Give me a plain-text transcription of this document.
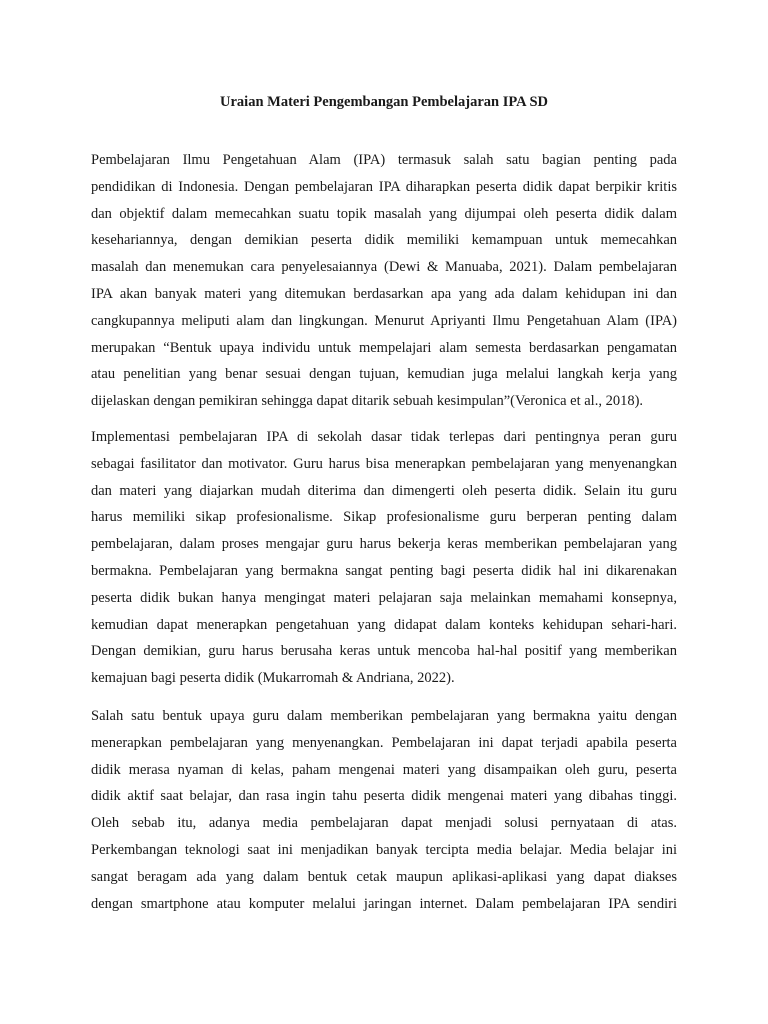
Uraian Materi Pengembangan Pembelajaran IPA SD
Pembelajaran Ilmu Pengetahuan Alam (IPA) termasuk salah satu bagian penting pada
pendidikan di Indonesia. Dengan pembelajaran IPA diharapkan peserta didik dapat berpikir kritis
dan objektif dalam memecahkan suatu topik masalah yang dijumpai oleh peserta didik dalam
kesehariannya, dengan demikian peserta didik memiliki kemampuan untuk memecahkan
masalah dan menemukan cara penyelesaiannya (Dewi & Manuaba, 2021). Dalam pembelajaran
IPA akan banyak materi yang ditemukan berdasarkan apa yang ada dalam kehidupan ini dan
cangkupannya meliputi alam dan lingkungan. Menurut Apriyanti Ilmu Pengetahuan Alam (IPA)
merupakan “Bentuk upaya individu untuk mempelajari alam semesta berdasarkan pengamatan
atau penelitian yang benar sesuai dengan tujuan, kemudian juga melalui langkah kerja yang
dijelaskan dengan pemikiran sehingga dapat ditarik sebuah kesimpulan”(Veronica et al., 2018).
Implementasi pembelajaran IPA di sekolah dasar tidak terlepas dari pentingnya peran guru
sebagai fasilitator dan motivator. Guru harus bisa menerapkan pembelajaran yang menyenangkan
dan materi yang diajarkan mudah diterima dan dimengerti oleh peserta didik. Selain itu guru
harus memiliki sikap profesionalisme. Sikap profesionalisme guru berperan penting dalam
pembelajaran, dalam proses mengajar guru harus bekerja keras memberikan pembelajaran yang
bermakna. Pembelajaran yang bermakna sangat penting bagi peserta didik hal ini dikarenakan
peserta didik bukan hanya mengingat materi pelajaran saja melainkan memahami konsepnya,
kemudian dapat menerapkan pengetahuan yang didapat dalam konteks kehidupan sehari-hari.
Dengan demikian, guru harus berusaha keras untuk mencoba hal-hal positif yang memberikan
kemajuan bagi peserta didik (Mukarromah & Andriana, 2022).
Salah satu bentuk upaya guru dalam memberikan pembelajaran yang bermakna yaitu dengan
menerapkan pembelajaran yang menyenangkan. Pembelajaran ini dapat terjadi apabila peserta
didik merasa nyaman di kelas, paham mengenai materi yang disampaikan oleh guru, peserta
didik aktif saat belajar, dan rasa ingin tahu peserta didik mengenai materi yang dibahas tinggi.
Oleh sebab itu, adanya media pembelajaran dapat menjadi solusi pernyataan di atas.
Perkembangan teknologi saat ini menjadikan banyak tercipta media belajar. Media belajar ini
sangat beragam ada yang dalam bentuk cetak maupun aplikasi-aplikasi yang dapat diakses
dengan smartphone atau komputer melalui jaringan internet. Dalam pembelajaran IPA sendiri
